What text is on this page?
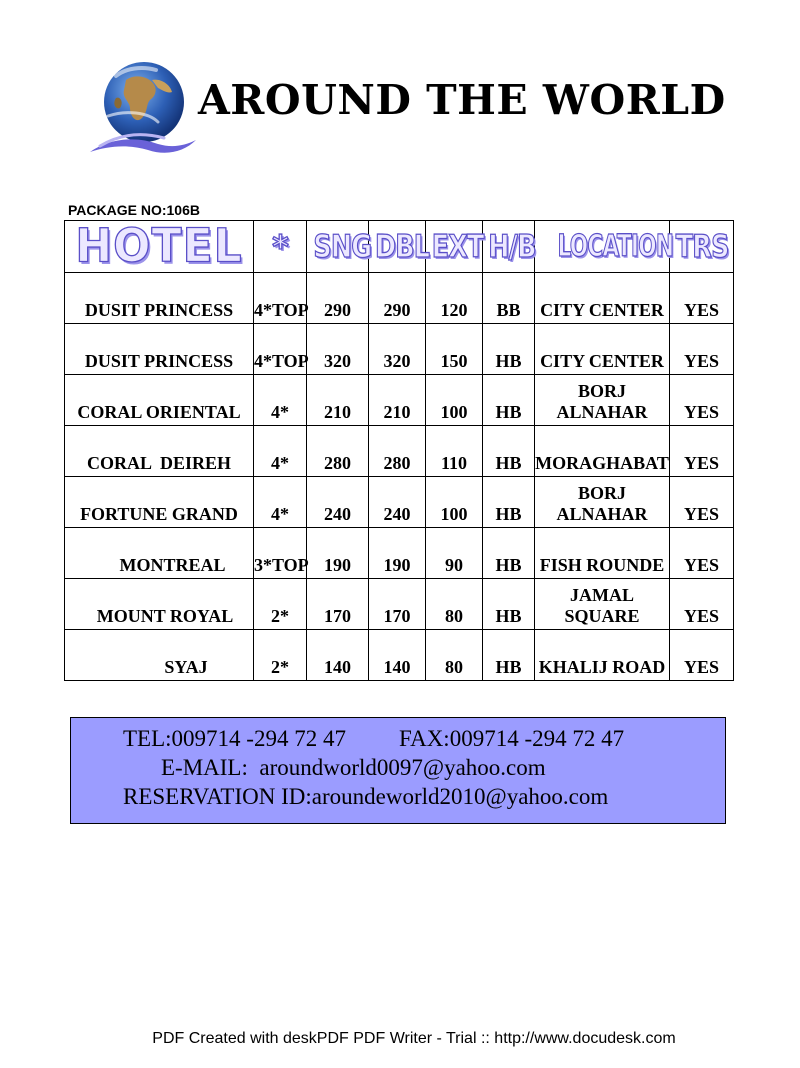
AROUND THE WORLD
PACKAGE NO:106B
HOTEL	*	SNG	DBL	EXT	H/B	LOCATION	TRS
DUSIT PRINCESS	4*TOP	290	290	120	BB	CITY CENTER	YES
DUSIT PRINCESS	4*TOP	320	320	150	HB	CITY CENTER	YES
CORAL ORIENTAL	4*	210	210	100	HB	BORJ ALNAHAR	YES
CORAL  DEIREH	4*	280	280	110	HB	MORAGHABAT	YES
FORTUNE GRAND	4*	240	240	100	HB	BORJ ALNAHAR	YES
MONTREAL	3*TOP	190	190	90	HB	FISH ROUNDE	YES
MOUNT ROYAL	2*	170	170	80	HB	JAMAL SQUARE	YES
SYAJ	2*	140	140	80	HB	KHALIJ ROAD	YES
TEL:009714 -294 72 47 FAX:009714 -294 72 47
E-MAIL:  aroundworld0097@yahoo.com
RESERVATION ID:aroundeworld2010@yahoo.com
PDF Created with deskPDF PDF Writer - Trial :: http://www.docudesk.com
